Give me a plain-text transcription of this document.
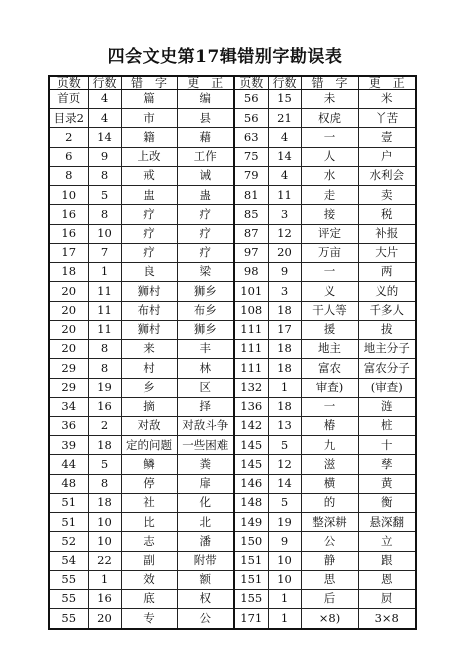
四会文史第17辑错别字勘误表
页数	行数	错　字	更　正	页数	行数	错　字	更　正
首页	4	篇	编	56	15	未	米
目录2	4	市	县	56	21	权虎	丫苦
2	14	籍	藉	63	4	一	壹
6	9	上改	工作	75	14	人	户
8	8	戒	诫	79	4	水	水利会
10	5	盅	蛊	81	11	走	卖
16	8	疗	疗	85	3	接	税
16	10	疗	疗	87	12	评定	补报
17	7	疗	疗	97	20	万亩	大片
18	1	良	梁	98	9	一	两
20	11	狮村	狮乡	101	3	义	义的
20	11	布村	布乡	108	18	干人等	千多人
20	11	狮村	狮乡	111	17	援	拔
20	8	来	丰	111	18	地主	地主分子
29	8	村	林	111	18	富农	富农分子
29	19	乡	区	132	1	审查)	(审查)
34	16	摘	择	136	18	一	涟
36	2	对敌	对敌斗争	142	13	椿	桩
39	18	定的问题	一些困难	145	5	九	十
44	5	鳞	粪	145	12	滋	孳
48	8	停	扉	146	14	横	黄
51	18	社	化	148	5	的	衡
51	10	比	北	149	19	整深耕	悬深翻
52	10	志	潘	150	9	公	立
54	22	副	附带	151	10	静	跟
55	1	效	额	151	10	思	恩
55	16	底	权	155	1	后	屃
55	20	专	公	171	1	×8)	3×8
